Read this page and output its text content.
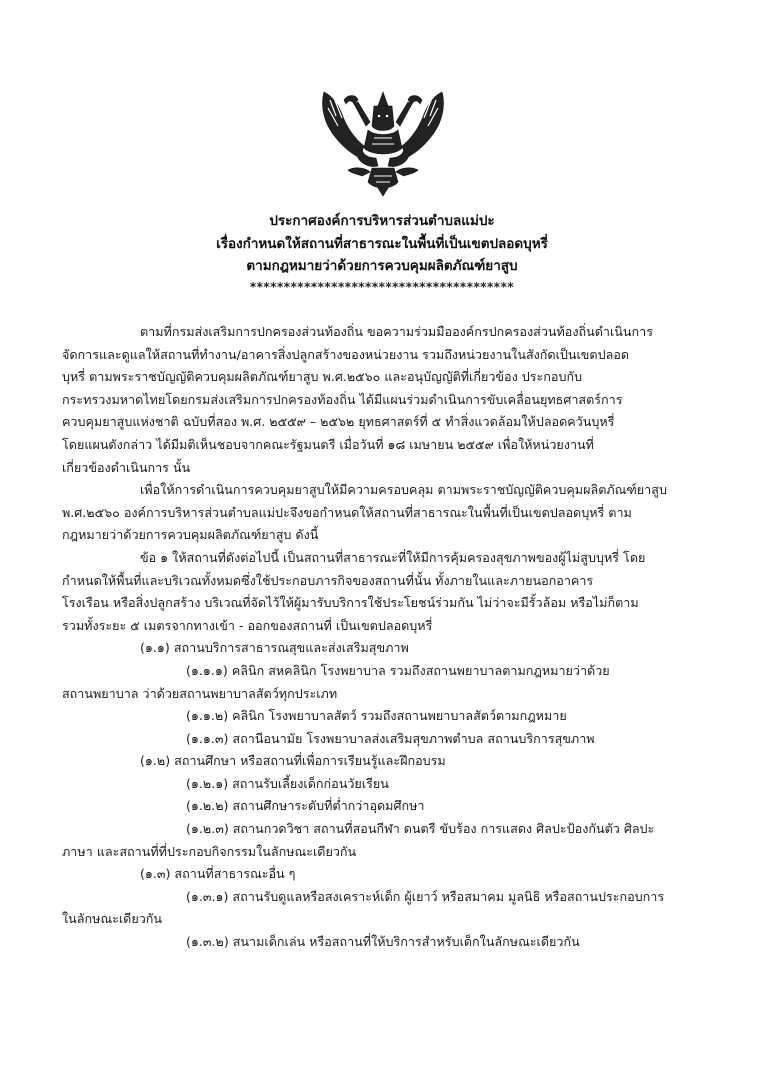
ประกาศองค์การบริหารส่วนตำบลแม่ปะ
เรื่องกำหนดให้สถานที่สาธารณะในพื้นที่เป็นเขตปลอดบุหรี่
ตามกฎหมายว่าด้วยการควบคุมผลิตภัณฑ์ยาสูบ
***************************************
ตามที่กรมส่งเสริมการปกครองส่วนท้องถิ่น ขอความร่วมมือองค์กรปกครองส่วนท้องถิ่นดำเนินการ
จัดการและดูแลให้สถานที่ทำงาน/อาคารสิ่งปลูกสร้างของหน่วยงาน รวมถึงหน่วยงานในสังกัดเป็นเขตปลอด
บุหรี่ ตามพระราชบัญญัติควบคุมผลิตภัณฑ์ยาสูบ พ.ศ.๒๕๖๐ และอนุบัญญัติที่เกี่ยวข้อง ประกอบกับ
กระทรวงมหาดไทยโดยกรมส่งเสริมการปกครองท้องถิ่น ได้มีแผนร่วมดำเนินการขับเคลื่อนยุทธศาสตร์การ
ควบคุมยาสูบแห่งชาติ ฉบับที่สอง พ.ศ. ๒๕๕๙ – ๒๕๖๒ ยุทธศาสตร์ที่ ๕ ทำสิ่งแวดล้อมให้ปลอดควันบุหรี่
โดยแผนดังกล่าว ได้มีมติเห็นชอบจากคณะรัฐมนตรี เมื่อวันที่ ๑๘ เมษายน ๒๕๕๙ เพื่อให้หน่วยงานที่
เกี่ยวข้องดำเนินการ นั้น
เพื่อให้การดำเนินการควบคุมยาสูบให้มีความครอบคลุม ตามพระราชบัญญัติควบคุมผลิตภัณฑ์ยาสูบ
พ.ศ.๒๕๖๐ องค์การบริหารส่วนตำบลแม่ปะจึงขอกำหนดให้สถานที่สาธารณะในพื้นที่เป็นเขตปลอดบุหรี่ ตาม
กฎหมายว่าด้วยการควบคุมผลิตภัณฑ์ยาสูบ ดังนี้
ข้อ ๑ ให้สถานที่ดังต่อไปนี้ เป็นสถานที่สาธารณะที่ให้มีการคุ้มครองสุขภาพของผู้ไม่สูบบุหรี่ โดย
กำหนดให้พื้นที่และบริเวณทั้งหมดซึ่งใช้ประกอบภารกิจของสถานที่นั้น ทั้งภายในและภายนอกอาคาร
โรงเรือน หรือสิ่งปลูกสร้าง บริเวณที่จัดไว้ให้ผู้มารับบริการใช้ประโยชน์ร่วมกัน ไม่ว่าจะมีรั้วล้อม หรือไม่ก็ตาม
รวมทั้งระยะ ๕ เมตรจากทางเข้า - ออกของสถานที่ เป็นเขตปลอดบุหรี่
(๑.๑) สถานบริการสาธารณสุขและส่งเสริมสุขภาพ
(๑.๑.๑) คลินิก สหคลินิก โรงพยาบาล รวมถึงสถานพยาบาลตามกฎหมายว่าด้วย
สถานพยาบาล ว่าด้วยสถานพยาบาลสัตว์ทุกประเภท
(๑.๑.๒) คลินิก โรงพยาบาลสัตว์ รวมถึงสถานพยาบาลสัตว์ตามกฎหมาย
(๑.๑.๓) สถานีอนามัย โรงพยาบาลส่งเสริมสุขภาพตำบล สถานบริการสุขภาพ
(๑.๒) สถานศึกษา หรือสถานที่เพื่อการเรียนรู้และฝึกอบรม
(๑.๒.๑) สถานรับเลี้ยงเด็กก่อนวัยเรียน
(๑.๒.๒) สถานศึกษาระดับที่ต่ำกว่าอุดมศึกษา
(๑.๒.๓) สถานกวดวิชา สถานที่สอนกีฬา ดนตรี ขับร้อง การแสดง ศิลปะป้องกันตัว ศิลปะ
ภาษา และสถานที่ที่ประกอบกิจกรรมในลักษณะเดียวกัน
(๑.๓) สถานที่สาธารณะอื่น ๆ
(๑.๓.๑) สถานรับดูแลหรือสงเคราะห์เด็ก ผู้เยาว์ หรือสมาคม มูลนิธิ หรือสถานประกอบการ
ในลักษณะเดียวกัน
(๑.๓.๒) สนามเด็กเล่น หรือสถานที่ให้บริการสำหรับเด็กในลักษณะเดียวกัน
